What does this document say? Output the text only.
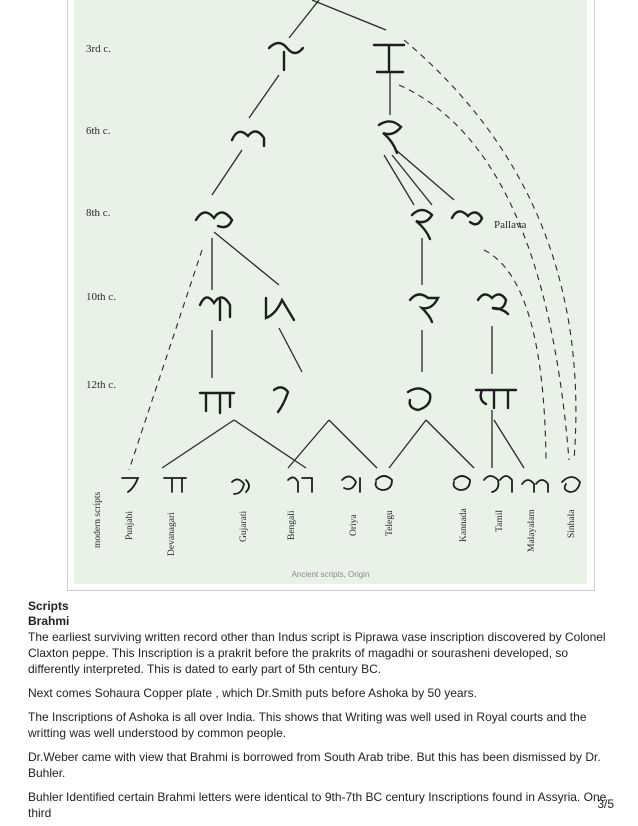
3rd c.
6th c.
8th c.
10th c.
12th c.
Pallava
modern scripts Punjabi	Devanagari	Gujarati	Bengali	Oriya	Telegu	Kannada	Tamil Malayalam	Sinhala
Ancient scripts, Origin

Scripts

Brahmi

The earliest surviving written record other than Indus script is Piprawa vase inscription discovered by Colonel Claxton peppe. This Inscription is a prakrit before the prakrits of magadhi or sourasheni developed, so differently interpreted. This is dated to early part of 5th century BC.

Next comes Sohaura Copper plate , which Dr.Smith puts before Ashoka by 50 years.

The Inscriptions of Ashoka is all over India. This shows that Writing was well used in Royal courts and the writting was well understood by common people.

Dr.Weber came with view that Brahmi is borrowed from South Arab tribe. But this has been dismissed by Dr. Buhler.

Buhler Identified certain Brahmi letters were identical to 9th-7th BC century Inscriptions found in Assyria. One third

3/5
